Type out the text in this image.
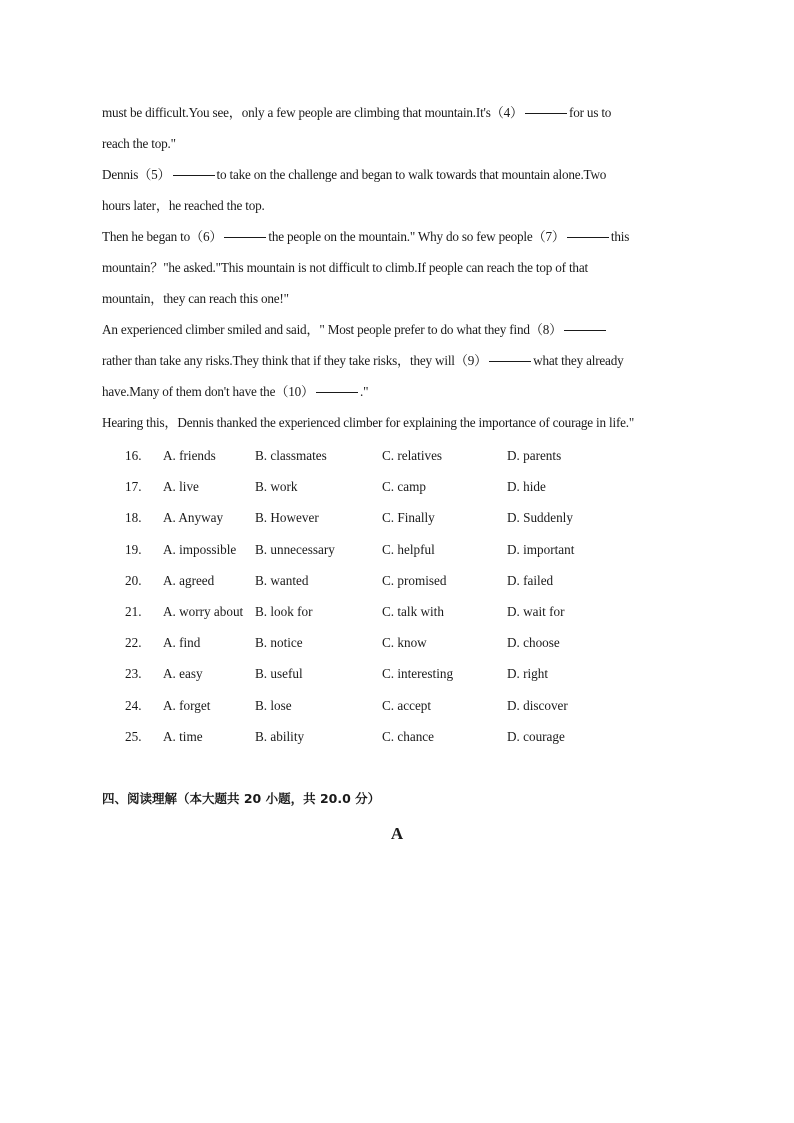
must be difficult.You see，only a few people are climbing that mountain.It's（4）	for us to
reach the top."
Dennis（5）	to take on the challenge and began to walk towards that mountain alone.Two
hours later，he reached the top.
Then he began to（6）	the people on the mountain." Why do so few people（7）	this
mountain？"he asked."This mountain is not difficult to climb.If people can reach the top of that
mountain，they can reach this one!"
An experienced climber smiled and said，" Most people prefer to do what they find（8）
rather than take any risks.They think that if they take risks，they will（9）	what they already
have.Many of them don't have the（10）	."
Hearing this，Dennis thanked the experienced climber for explaining the importance of courage in life."
16. A. friends	B. classmates	C. relatives	D. parents
17. A. live	B. work	C. camp	D. hide
18. A. Anyway B. However	C. Finally	D. Suddenly
19. A. impossible B. unnecessary	C. helpful	D. important
20. A. agreed	B. wanted	C. promised	D. failed
21. A. worry about B. look for	C. talk with	D. wait for
22. A. find	B. notice	C. know	D. choose
23. A. easy	B. useful	C. interesting	D. right
24. A. forget	B. lose	C. accept	D. discover
25. A. time	B. ability	C. chance	D. courage
四、阅读理解（本大题共 20 小题，共 20.0 分）
A
